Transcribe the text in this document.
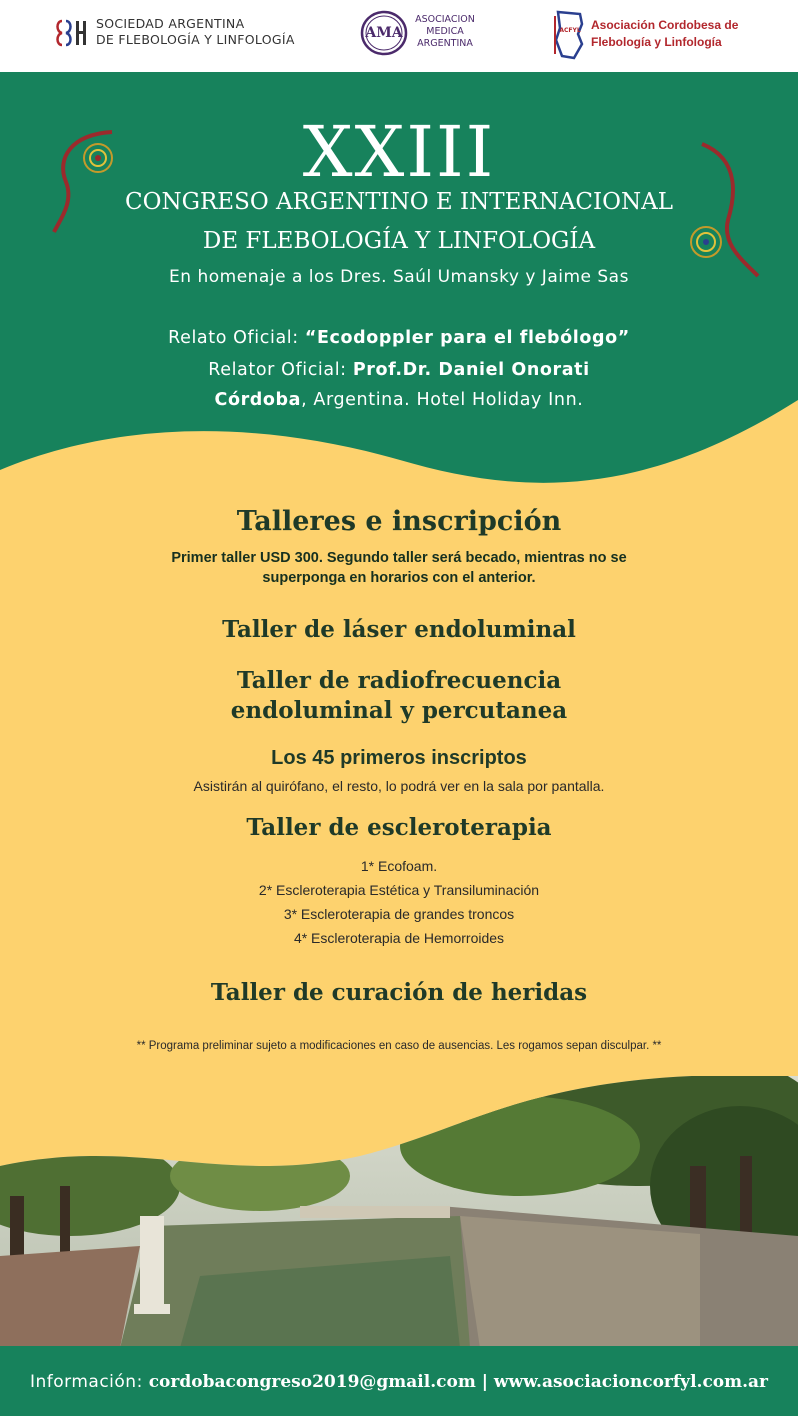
SOCIEDAD ARGENTINA
DE FLEBOLOGÍA Y LINFOLOGÍA	AMA
ASOCIACION
MEDICA
ARGENTINA
ACFYL Asociación Cordobesa de
Flebología y Linfología
XXIII
CONGRESO ARGENTINO E INTERNACIONAL
DE FLEBOLOGÍA Y LINFOLOGÍA
En homenaje a los Dres. Saúl Umansky y Jaime Sas
Relato Oficial: “Ecodoppler para el flebólogo”
Relator Oficial: Prof.Dr. Daniel Onorati
Córdoba, Argentina. Hotel Holiday Inn.
Talleres e inscripción
Primer taller USD 300. Segundo taller será becado, mientras no se
superponga en horarios con el anterior.
Taller de láser endoluminal
Taller de radiofrecuencia
endoluminal y percutanea
Los 45 primeros inscriptos
Asistirán al quirófano, el resto, lo podrá ver en la sala por pantalla.
Taller de escleroterapia
1* Ecofoam.
2* Escleroterapia Estética y Transiluminación
3* Escleroterapia de grandes troncos
4* Escleroterapia de Hemorroides
Taller de curación de heridas
** Programa preliminar sujeto a modificaciones en caso de ausencias. Les rogamos sepan disculpar. **
Información: cordobacongreso2019@gmail.com | www.asociacioncorfyl.com.ar
